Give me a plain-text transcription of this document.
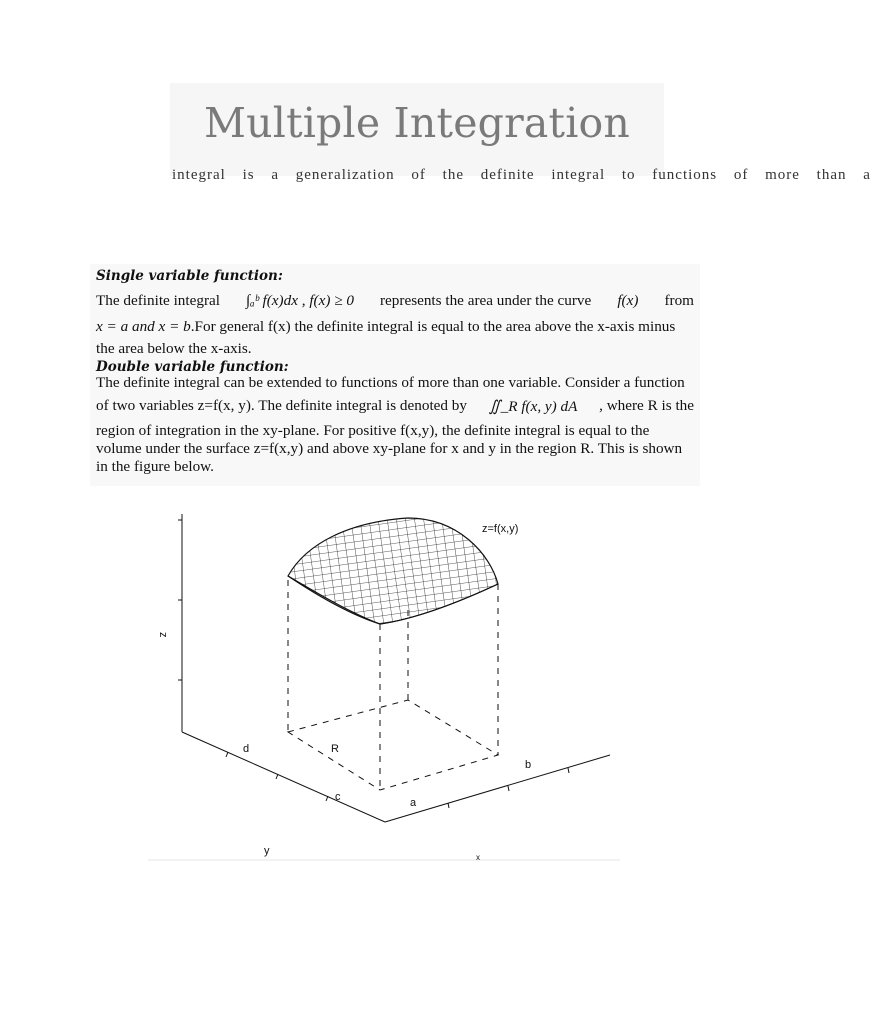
Multiple Integration
integral is a generalization of the definite integral to functions of more than a
Single variable function:
The definite integral ∫ₐᵇ f(x)dx , f(x) ≥ 0 represents the area under the curve f(x) from
x = a and x = b.For general f(x) the definite integral is equal to the area above the x-axis minus
the area below the x-axis.
Double variable function:
The definite integral can be extended to functions of more than one variable. Consider a function
of two variables z=f(x, y). The definite integral is denoted by ∬_R f(x, y) dA , where R is the
region of integration in the xy-plane. For positive f(x,y), the definite integral is equal to the
volume under the surface z=f(x,y) and above xy-plane for x and y in the region R. This is shown
in the figure below.
z=f(x,y)
z
y
x
d
c	a
b
R
